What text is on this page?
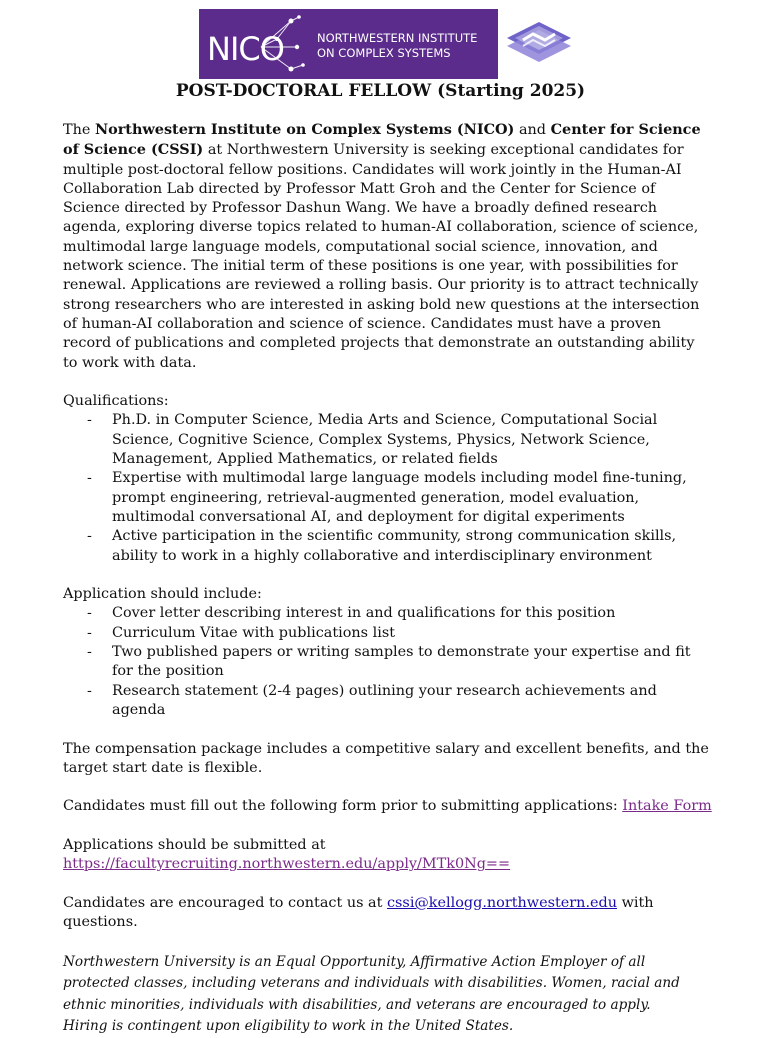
NICO	NORTHWESTERN INSTITUTE
ON COMPLEX SYSTEMS
POST-DOCTORAL FELLOW (Starting 2025)

The Northwestern Institute on Complex Systems (NICO) and Center for Science of Science (CSSI) at Northwestern University is seeking exceptional candidates for multiple post-doctoral fellow positions. Candidates will work jointly in the Human-AI Collaboration Lab directed by Professor Matt Groh and the Center for Science of Science directed by Professor Dashun Wang. We have a broadly defined research agenda, exploring diverse topics related to human-AI collaboration, science of science, multimodal large language models, computational social science, innovation, and network science. The initial term of these positions is one year, with possibilities for renewal. Applications are reviewed a rolling basis. Our priority is to attract technically strong researchers who are interested in asking bold new questions at the intersection of human-AI collaboration and science of science. Candidates must have a proven record of publications and completed projects that demonstrate an outstanding ability to work with data.

Qualifications:

- Ph.D. in Computer Science, Media Arts and Science, Computational Social Science, Cognitive Science, Complex Systems, Physics, Network Science, Management, Applied Mathematics, or related fields
- Expertise with multimodal large language models including model fine-tuning, prompt engineering, retrieval-augmented generation, model evaluation, multimodal conversational AI, and deployment for digital experiments
- Active participation in the scientific community, strong communication skills, ability to work in a highly collaborative and interdisciplinary environment

Application should include:

- Cover letter describing interest in and qualifications for this position
- Curriculum Vitae with publications list
- Two published papers or writing samples to demonstrate your expertise and fit for the position
- Research statement (2-4 pages) outlining your research achievements and agenda

The compensation package includes a competitive salary and excellent benefits, and the target start date is flexible.

Candidates must fill out the following form prior to submitting applications: Intake Form

Applications should be submitted at

https://facultyrecruiting.northwestern.edu/apply/MTk0Ng==

Candidates are encouraged to contact us at cssi@kellogg.northwestern.edu with questions.

Northwestern University is an Equal Opportunity, Affirmative Action Employer of all protected classes, including veterans and individuals with disabilities. Women, racial and ethnic minorities, individuals with disabilities, and veterans are encouraged to apply. Hiring is contingent upon eligibility to work in the United States.
